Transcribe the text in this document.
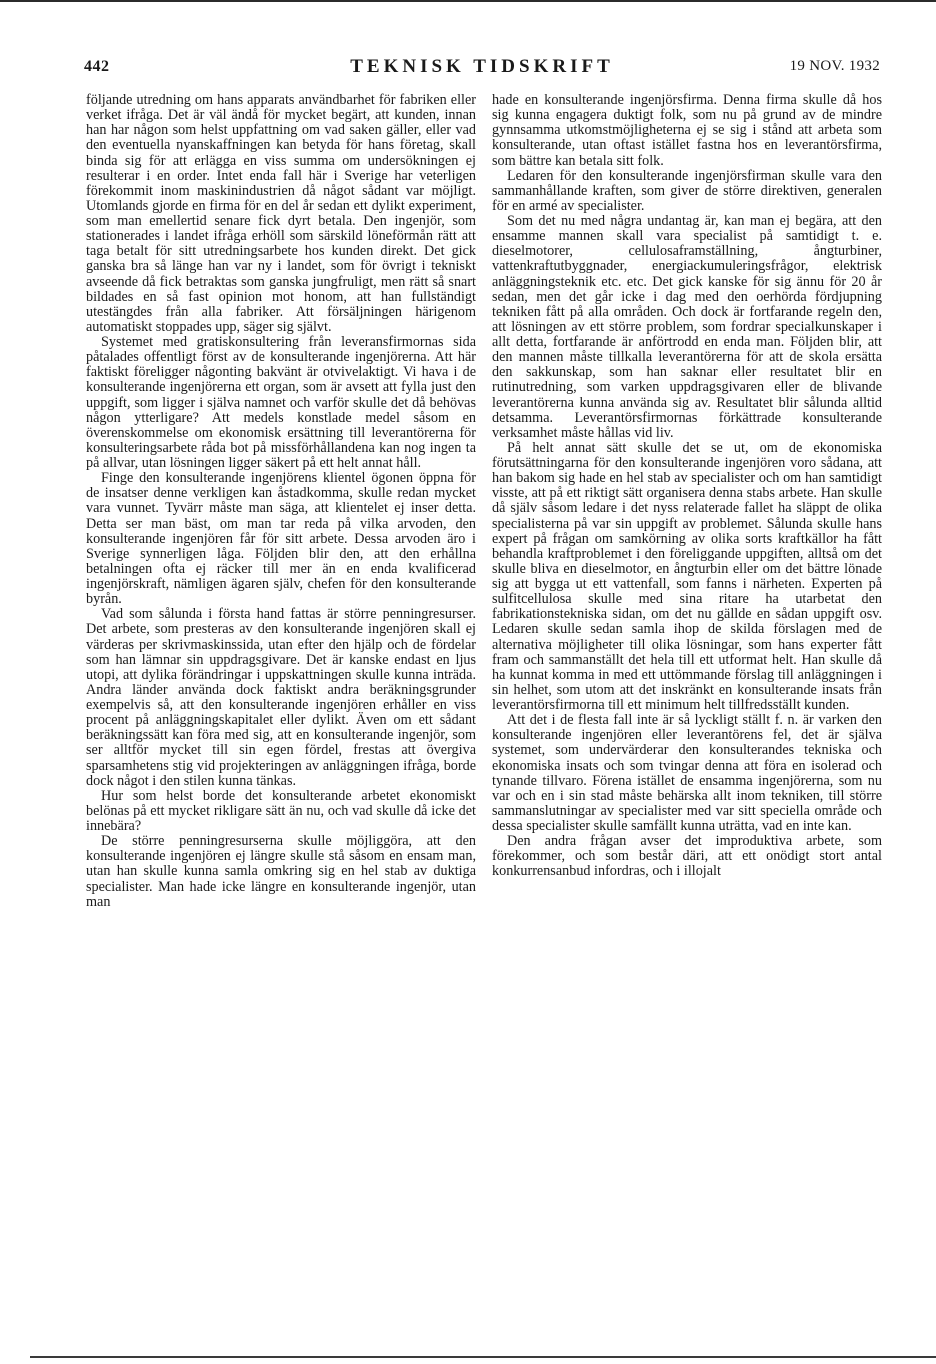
442	TEKNISK TIDSKRIFT	19 NOV. 1932

följande utredning om hans apparats användbarhet för fabriken eller verket ifråga. Det är väl ändå för mycket begärt, att kunden, innan han har någon som helst uppfattning om vad saken gäller, eller vad den eventuella nyanskaffningen kan betyda för hans företag, skall binda sig för att erlägga en viss summa om undersökningen ej resulterar i en order. Intet enda fall här i Sverige har veterligen förekommit inom maskinindustrien då något sådant var möjligt. Utomlands gjorde en firma för en del år sedan ett dylikt experiment, som man emellertid senare fick dyrt betala. Den ingenjör, som stationerades i landet ifråga erhöll som särskild löneförmån rätt att taga betalt för sitt utredningsarbete hos kunden direkt. Det gick ganska bra så länge han var ny i landet, som för övrigt i tekniskt avseende då fick betraktas som ganska jungfruligt, men rätt så snart bildades en så fast opinion mot honom, att han fullständigt utestängdes från alla fabriker. Att försäljningen härigenom automatiskt stoppades upp, säger sig självt.

Systemet med gratiskonsultering från leveransfirmornas sida påtalades offentligt först av de konsulterande ingenjörerna. Att här faktiskt föreligger någonting bakvänt är otvivelaktigt. Vi hava i de konsulterande ingenjörerna ett organ, som är avsett att fylla just den uppgift, som ligger i själva namnet och varför skulle det då behövas någon ytterligare? Att medels konstlade medel såsom en överenskommelse om ekonomisk ersättning till leverantörerna för konsulteringsarbete råda bot på missförhållandena kan nog ingen ta på allvar, utan lösningen ligger säkert på ett helt annat håll.

Finge den konsulterande ingenjörens klientel ögonen öppna för de insatser denne verkligen kan åstadkomma, skulle redan mycket vara vunnet. Tyvärr måste man säga, att klientelet ej inser detta. Detta ser man bäst, om man tar reda på vilka arvoden, den konsulterande ingenjören får för sitt arbete. Dessa arvoden äro i Sverige synnerligen låga. Följden blir den, att den erhållna betalningen ofta ej räcker till mer än en enda kvalificerad ingenjörskraft, nämligen ägaren själv, chefen för den konsulterande byrån.

Vad som sålunda i första hand fattas är större penningresurser. Det arbete, som presteras av den konsulterande ingenjören skall ej värderas per skrivmaskinssida, utan efter den hjälp och de fördelar som han lämnar sin uppdragsgivare. Det är kanske endast en ljus utopi, att dylika förändringar i uppskattningen skulle kunna inträda. Andra länder använda dock faktiskt andra beräkningsgrunder exempelvis så, att den konsulterande ingenjören erhåller en viss procent på anläggningskapitalet eller dylikt. Även om ett sådant beräkningssätt kan föra med sig, att en konsulterande ingenjör, som ser alltför mycket till sin egen fördel, frestas att övergiva sparsamhetens stig vid projekteringen av anläggningen ifråga, borde dock något i den stilen kunna tänkas.

Hur som helst borde det konsulterande arbetet ekonomiskt belönas på ett mycket rikligare sätt än nu, och vad skulle då icke det innebära?

De större penningresurserna skulle möjliggöra, att den konsulterande ingenjören ej längre skulle stå såsom en ensam man, utan han skulle kunna samla omkring sig en hel stab av duktiga specialister. Man hade icke längre en konsulterande ingenjör, utan man

hade en konsulterande ingenjörsfirma. Denna firma skulle då hos sig kunna engagera duktigt folk, som nu på grund av de mindre gynnsamma utkomstmöjligheterna ej se sig i stånd att arbeta som konsulterande, utan oftast istället fastna hos en leverantörsfirma, som bättre kan betala sitt folk.

Ledaren för den konsulterande ingenjörsfirman skulle vara den sammanhållande kraften, som giver de större direktiven, generalen för en armé av specialister.

Som det nu med några undantag är, kan man ej begära, att den ensamme mannen skall vara specialist på samtidigt t. e. dieselmotorer, cellulosaframställning, ångturbiner, vattenkraftutbyggnader, energiackumuleringsfrågor, elektrisk anläggningsteknik etc. etc. Det gick kanske för sig ännu för 20 år sedan, men det går icke i dag med den oerhörda fördjupning tekniken fått på alla områden. Och dock är fortfarande regeln den, att lösningen av ett större problem, som fordrar specialkunskaper i allt detta, fortfarande är anförtrodd en enda man. Följden blir, att den mannen måste tillkalla leverantörerna för att de skola ersätta den sakkunskap, som han saknar eller resultatet blir en rutinutredning, som varken uppdragsgivaren eller de blivande leverantörerna kunna använda sig av. Resultatet blir sålunda alltid detsamma. Leverantörsfirmornas förkättrade konsulterande verksamhet måste hållas vid liv.

På helt annat sätt skulle det se ut, om de ekonomiska förutsättningarna för den konsulterande ingenjören voro sådana, att han bakom sig hade en hel stab av specialister och om han samtidigt visste, att på ett riktigt sätt organisera denna stabs arbete. Han skulle då själv såsom ledare i det nyss relaterade fallet ha släppt de olika specialisterna på var sin uppgift av problemet. Sålunda skulle hans expert på frågan om samkörning av olika sorts kraftkällor ha fått behandla kraftproblemet i den föreliggande uppgiften, alltså om det skulle bliva en dieselmotor, en ångturbin eller om det bättre lönade sig att bygga ut ett vattenfall, som fanns i närheten. Experten på sulfitcellulosa skulle med sina ritare ha utarbetat den fabrikationstekniska sidan, om det nu gällde en sådan uppgift osv. Ledaren skulle sedan samla ihop de skilda förslagen med de alternativa möjligheter till olika lösningar, som hans experter fått fram och sammanställt det hela till ett utformat helt. Han skulle då ha kunnat komma in med ett uttömmande förslag till anläggningen i sin helhet, som utom att det inskränkt en konsulterande insats från leverantörsfirmorna till ett minimum helt tillfredsställt kunden.

Att det i de flesta fall inte är så lyckligt ställt f. n. är varken den konsulterande ingenjören eller leverantörens fel, det är själva systemet, som undervärderar den konsulterandes tekniska och ekonomiska insats och som tvingar denna att föra en isolerad och tynande tillvaro. Förena istället de ensamma ingenjörerna, som nu var och en i sin stad måste behärska allt inom tekniken, till större sammanslutningar av specialister med var sitt speciella område och dessa specialister skulle samfällt kunna uträtta, vad en inte kan.

Den andra frågan avser det improduktiva arbete, som förekommer, och som består däri, att ett onödigt stort antal konkurrensanbud infordras, och i illojalt
